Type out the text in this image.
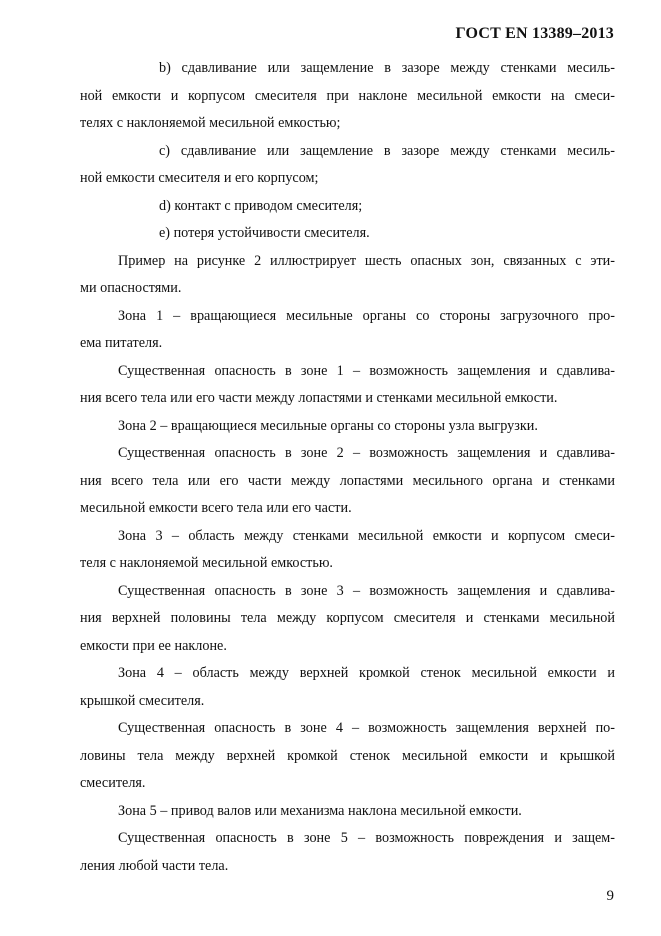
ГОСТ EN 13389–2013
b) сдавливание или защемление в зазоре между стенками месиль-
ной емкости и корпусом смесителя при наклоне месильной емкости на смеси-
телях с наклоняемой месильной емкостью;
c) сдавливание или защемление в зазоре между стенками месиль-
ной емкости смесителя и его корпусом;
d) контакт с приводом смесителя;
e) потеря устойчивости смесителя.
Пример на рисунке 2 иллюстрирует шесть опасных зон, связанных с эти-
ми опасностями.
Зона 1 – вращающиеся месильные органы со стороны загрузочного про-
ема питателя.
Существенная опасность в зоне 1 – возможность защемления и сдавлива-
ния всего тела или его части между лопастями и стенками месильной емкости.
Зона 2 – вращающиеся месильные органы со стороны узла выгрузки.
Существенная опасность в зоне 2 – возможность защемления и сдавлива-
ния всего тела или его части между лопастями месильного органа и стенками
месильной емкости всего тела или его части.
Зона 3 – область между стенками месильной емкости и корпусом смеси-
теля с наклоняемой месильной емкостью.
Существенная опасность в зоне 3 – возможность защемления и сдавлива-
ния верхней половины тела между корпусом смесителя и стенками месильной
емкости при ее наклоне.
Зона 4 – область между верхней кромкой стенок месильной емкости и
крышкой смесителя.
Существенная опасность в зоне 4 – возможность защемления верхней по-
ловины тела между верхней кромкой стенок месильной емкости и крышкой
смесителя.
Зона 5 – привод валов или механизма наклона месильной емкости.
Существенная опасность в зоне 5 – возможность повреждения и защем-
ления любой части тела.
9
